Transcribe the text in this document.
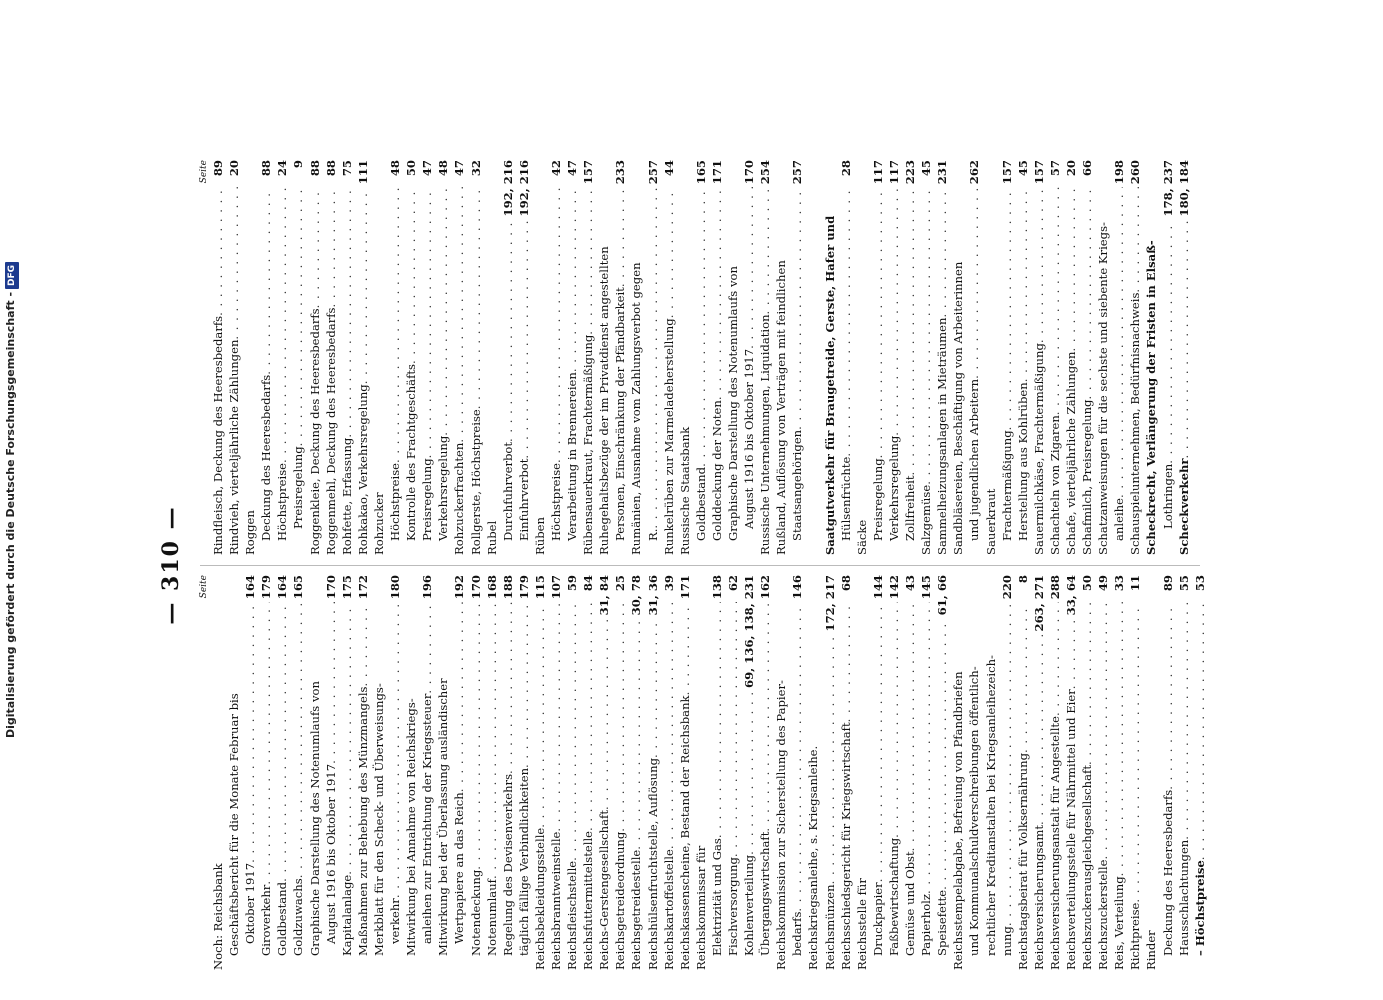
— 310 — Seite
Noch: Reichsbank Geschäftsbericht für die Monate Februar bis Oktober 1917
. . .
164
Giroverkehr
. . .
179
Goldbestand
. . .
164
Goldzuwachs
. . .
165
Graphische Darstellung des Notenumlaufs von August 1916 bis Oktober 1917
. . .
170
Kapitalanlage
. . .
175
Maßnahmen zur Behebung des Münzmangels
. . .
172
Merkblatt für den Scheck- und Überweisungs- verkehr
. . .
180
Mitwirkung bei Annahme von Reichskriegs- anleihen zur Entrichtung der Kriegssteuer
. . .
196
Mitwirkung bei der Überlassung ausländischer Wertpapiere an das Reich
. . .
192
Notendeckung
. . .
170
Notenumlauf
. . .
168
Regelung des Devisenverkehrs
. . .
188
täglich fällige Verbindlichkeiten
. . .
179
Reichsbekleidungsstelle
. . .
115
Reichsbranntweinstelle
. . .
107
Reichsfleischstelle
. . .
59
Reichsfuttermittelstelle
. . .
84
Reichs-Gerstengesellschaft
. . .
31, 84
Reichsgetreideordnung
. . .
25
Reichsgetreidestelle
. . .
30, 78
Reichshülsenfruchtstelle, Auflösung
. . .
31, 36
Reichskartoffelstelle
. . .
39
Reichskassenscheine, Bestand der Reichsbank
. . .
171
Reichskommissar für Elektrizität und Gas
. . .
138
Fischversorgung
. . .
62
Kohlenverteilung
. . .
69, 136, 138, 231
Übergangswirtschaft
. . .
162
Reichskommission zur Sicherstellung des Papier- bedarfs
. . .
146
Reichskriegsanleihe, s. Kriegsanleihe. Reichsmünzen
. . .
172, 217
Reichsschiedsgericht für Kriegswirtschaft
. . .
68
Reichsstelle für Druckpapier
. . .
144
Faßbewirtschaftung
. . .
142
Gemüse und Obst
. . .
43
Papierholz
. . .
145
Speisefette
. . .
61, 66
Reichsstempelabgabe, Befreiung von Pfandbriefen und Kommunalschuldverschreibungen öffentlich- rechtlicher Kreditanstalten bei Kriegsanleihezeich- nung
. . .
220
Reichstagsbeirat für Volksernährung
. . .
8
Reichsversicherungsamt
. . .
263, 271
Reichsversicherungsanstalt für Angestellte
. . .
288
Reichsverteilungsstelle für Nährmittel und Eier
. . .
33, 64
Reichszuckerausgleichgesellschaft
. . .
50
Reichszuckerstelle
. . .
49
Reis, Verteilung
. . .
33
Richtpreise
. . .
11
Rinder Deckung des Heeresbedarfs
. . .
89
Hausschlachtungen
. . .
55
– Höchstpreise
. . .
53
Seite
Rindfleisch, Deckung des Heeresbedarfs
. . .
89
Rindvieh, vierteljährliche Zählungen
. . .
20
Roggen Deckung des Heeresbedarfs
. . .
88
Höchstpreise
. . .
24
Preisregelung
. . .
9
Roggenkleie, Deckung des Heeresbedarfs
. . .
88
Roggenmehl, Deckung des Heeresbedarfs
. . .
88
Rohfette, Erfassung
. . .
75
Rohkakao, Verkehrsregelung
. . .
111
Rohzucker Höchstpreise
. . .
48
Kontrolle des Frachtgeschäfts
. . .
50
Preisregelung
. . .
47
Verkehrsregelung
. . .
48
Rohzuckerfrachten
. . .
47
Rollgerste, Höchstpreise
. . .
32
Rubel Durchfuhrverbot
. . .
192, 216
Einfuhrverbot
. . .
192, 216
Rüben Höchstpreise
. . .
42
Verarbeitung in Brennereien
. . .
47
Rübensauerkraut, Frachtermäßigung
. . .
157
Ruhegehaltsbezüge der im Privatdienst angestellten Personen, Einschränkung der Pfändbarkeit
. . .
233
Rumänien, Ausnahme vom Zahlungsverbot gegen R.
. . .
257
Runkelrüben zur Marmeladeherstellung
. . .
44
Russische Staatsbank Goldbestand
. . .
165
Golddeckung der Noten
. . .
171
Graphische Darstellung des Notenumlaufs von August 1916 bis Oktober 1917
. . .
170
Russische Unternehmungen, Liquidation
. . .
254
Rußland, Auflösung von Verträgen mit feindlichen Staatsangehörigen
. . .
257
Saatgutverkehr für Braugetreide, Gerste, Hafer und Hülsenfrüchte
. . .
28
Säcke Preisregelung
. . .
117
Verkehrsregelung
. . .
117
Zollfreiheit
. . .
223
Salzgemüse
. . .
45
Sammelheizungsanlagen in Mieträumen
. . .
231
Sandbläsereien, Beschäftigung von Arbeiterinnen und jugendlichen Arbeitern
. . .
262
Sauerkraut Frachtermäßigung
. . .
157
Herstellung aus Kohlrüben
. . .
45
Sauermilchkäse, Frachtermäßigung
. . .
157
Schachteln von Zigaren
. . .
57
Schafe, vierteljährliche Zählungen
. . .
20
Schafmilch, Preisregelung
. . .
66
Schatzanweisungen für die sechste und siebente Kriegs- anleihe
. . .
198
Schauspielunternehmen, Bedürfnisnachweis
. . .
260
Scheckrecht, Verlängerung der Fristen in Elsaß- Lothringen
. . .
178, 237
Scheckverkehr
. . .
180, 184
Digitalisierung gefördert durch die Deutsche Forschungsgemeinschaft -DFG
